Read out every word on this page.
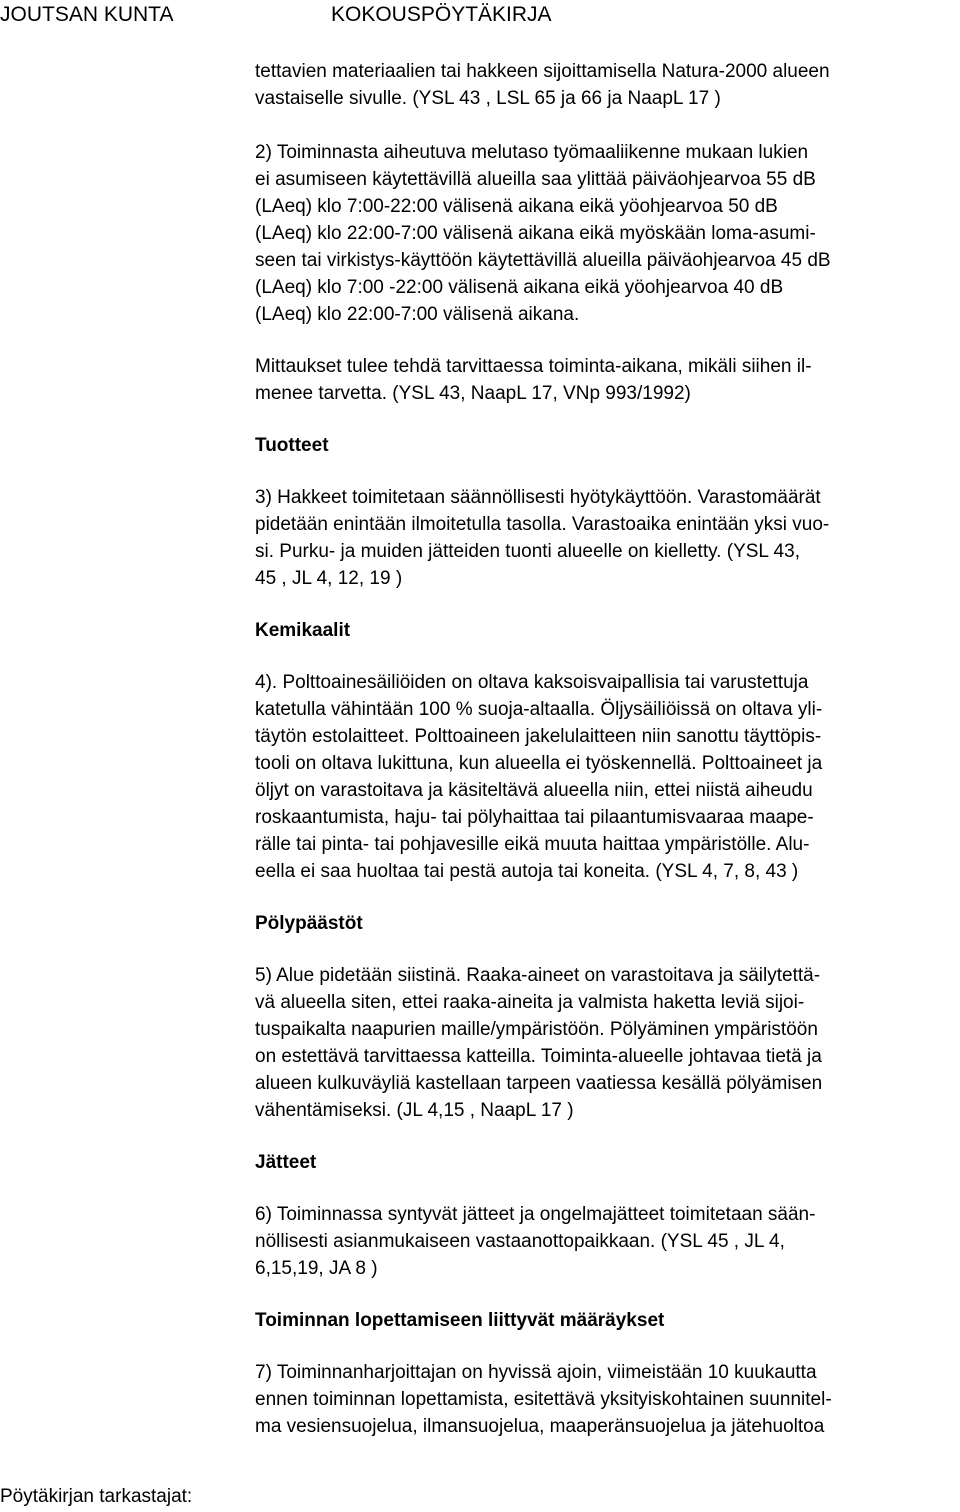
JOUTSAN KUNTA	KOKOUSPÖYTÄKIRJA

tettavien materiaalien tai hakkeen sijoittamisella Natura-2000 alueen

vastaiselle sivulle. (YSL 43 , LSL 65 ja 66 ja NaapL 17 )

2) Toiminnasta aiheutuva melutaso työmaaliikenne mukaan lukien

ei asumiseen käytettävillä alueilla saa ylittää päiväohjearvoa 55 dB

(LAeq) klo 7:00-22:00 välisenä aikana eikä yöohjearvoa 50 dB

(LAeq) klo 22:00-7:00 välisenä aikana eikä myöskään loma-asumi-

seen tai virkistys-käyttöön käytettävillä alueilla päiväohjearvoa 45 dB

(LAeq) klo 7:00 -22:00 välisenä aikana eikä yöohjearvoa 40 dB

(LAeq) klo 22:00-7:00 välisenä aikana.

Mittaukset tulee tehdä tarvittaessa toiminta-aikana, mikäli siihen il-

menee tarvetta. (YSL 43, NaapL 17, VNp 993/1992)

Tuotteet

3) Hakkeet toimitetaan säännöllisesti hyötykäyttöön. Varastomäärät

pidetään enintään ilmoitetulla tasolla. Varastoaika enintään yksi vuo-

si. Purku- ja muiden jätteiden tuonti alueelle on kielletty. (YSL 43,

45 , JL 4, 12, 19 )

Kemikaalit

4). Polttoainesäiliöiden on oltava kaksoisvaipallisia tai varustettuja

katetulla vähintään 100 % suoja-altaalla. Öljysäiliöissä on oltava yli-

täytön estolaitteet. Polttoaineen jakelulaitteen niin sanottu täyttöpis-

tooli on oltava lukittuna, kun alueella ei työskennellä. Polttoaineet ja

öljyt on varastoitava ja käsiteltävä alueella niin, ettei niistä aiheudu

roskaantumista, haju- tai pölyhaittaa tai pilaantumisvaaraa maape-

rälle tai pinta- tai pohjavesille eikä muuta haittaa ympäristölle. Alu-

eella ei saa huoltaa tai pestä autoja tai koneita. (YSL 4, 7, 8, 43 )

Pölypäästöt

5) Alue pidetään siistinä. Raaka-aineet on varastoitava ja säilytettä-

vä alueella siten, ettei raaka-aineita ja valmista haketta leviä sijoi-

tuspaikalta naapurien maille/ympäristöön. Pölyäminen ympäristöön

on estettävä tarvittaessa katteilla. Toiminta-alueelle johtavaa tietä ja

alueen kulkuväyliä kastellaan tarpeen vaatiessa kesällä pölyämisen

vähentämiseksi. (JL 4,15 , NaapL 17 )

Jätteet

6) Toiminnassa syntyvät jätteet ja ongelmajätteet toimitetaan sään-

nöllisesti asianmukaiseen vastaanottopaikkaan. (YSL 45 , JL 4,

6,15,19, JA 8 )

Toiminnan lopettamiseen liittyvät määräykset

7) Toiminnanharjoittajan on hyvissä ajoin, viimeistään 10 kuukautta

ennen toiminnan lopettamista, esitettävä yksityiskohtainen suunnitel-

ma vesiensuojelua, ilmansuojelua, maaperänsuojelua ja jätehuoltoa

Pöytäkirjan tarkastajat:
